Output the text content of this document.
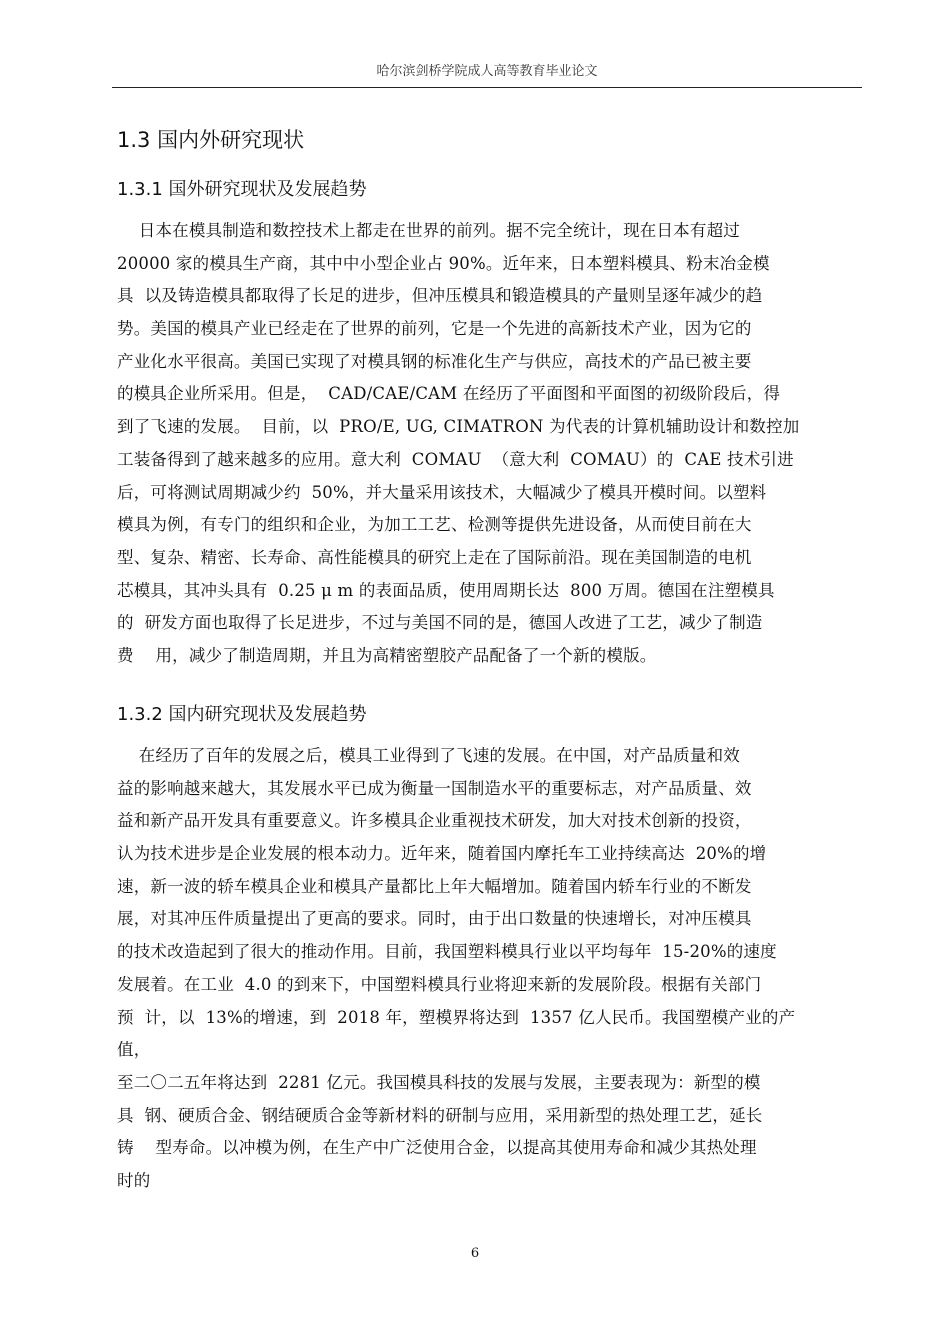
哈尔滨剑桥学院成人高等教育毕业论文
1.3 国内外研究现状
1.3.1 国外研究现状及发展趋势
日本在模具制造和数控技术上都走在世界的前列。据不完全统计，现在日本有超过
20000 家的模具生产商，其中中小型企业占 90%。近年来，日本塑料模具、粉末冶金模
具  以及铸造模具都取得了长足的进步，但冲压模具和锻造模具的产量则呈逐年减少的趋
势。美国的模具产业已经走在了世界的前列，它是一个先进的高新技术产业，因为它的
产业化水平很高。美国已实现了对模具钢的标准化生产与供应，高技术的产品已被主要
的模具企业所采用。但是，  CAD/CAE/CAM 在经历了平面图和平面图的初级阶段后，得
到了飞速的发展。  目前，以  PRO/E, UG, CIMATRON 为代表的计算机辅助设计和数控加
工装备得到了越来越多的应用。意大利  COMAU  （意大利  COMAU）的  CAE 技术引进
后，可将测试周期减少约  50%，并大量采用该技术，大幅减少了模具开模时间。以塑料
模具为例，有专门的组织和企业，为加工工艺、检测等提供先进设备，从而使目前在大
型、复杂、精密、长寿命、高性能模具的研究上走在了国际前沿。现在美国制造的电机
芯模具，其冲头具有  0.25 μ m 的表面品质，使用周期长达  800 万周。德国在注塑模具
的  研发方面也取得了长足进步，不过与美国不同的是，德国人改进了工艺，减少了制造
费    用，减少了制造周期，并且为高精密塑胶产品配备了一个新的模版。
1.3.2 国内研究现状及发展趋势
在经历了百年的发展之后，模具工业得到了飞速的发展。在中国，对产品质量和效
益的影响越来越大，其发展水平已成为衡量一国制造水平的重要标志，对产品质量、效
益和新产品开发具有重要意义。许多模具企业重视技术研发，加大对技术创新的投资，
认为技术进步是企业发展的根本动力。近年来，随着国内摩托车工业持续高达  20%的增
速，新一波的轿车模具企业和模具产量都比上年大幅增加。随着国内轿车行业的不断发
展，对其冲压件质量提出了更高的要求。同时，由于出口数量的快速增长，对冲压模具
的技术改造起到了很大的推动作用。目前，我国塑料模具行业以平均每年  15-20%的速度
发展着。在工业  4.0 的到来下，中国塑料模具行业将迎来新的发展阶段。根据有关部门
预  计，以  13%的增速，到  2018 年，塑模界将达到  1357 亿人民币。我国塑模产业的产
值，
至二〇二五年将达到  2281 亿元。我国模具科技的发展与发展，主要表现为：新型的模
具  钢、硬质合金、钢结硬质合金等新材料的研制与应用，采用新型的热处理工艺，延长
铸    型寿命。以冲模为例，在生产中广泛使用合金，以提高其使用寿命和减少其热处理
时的
6
